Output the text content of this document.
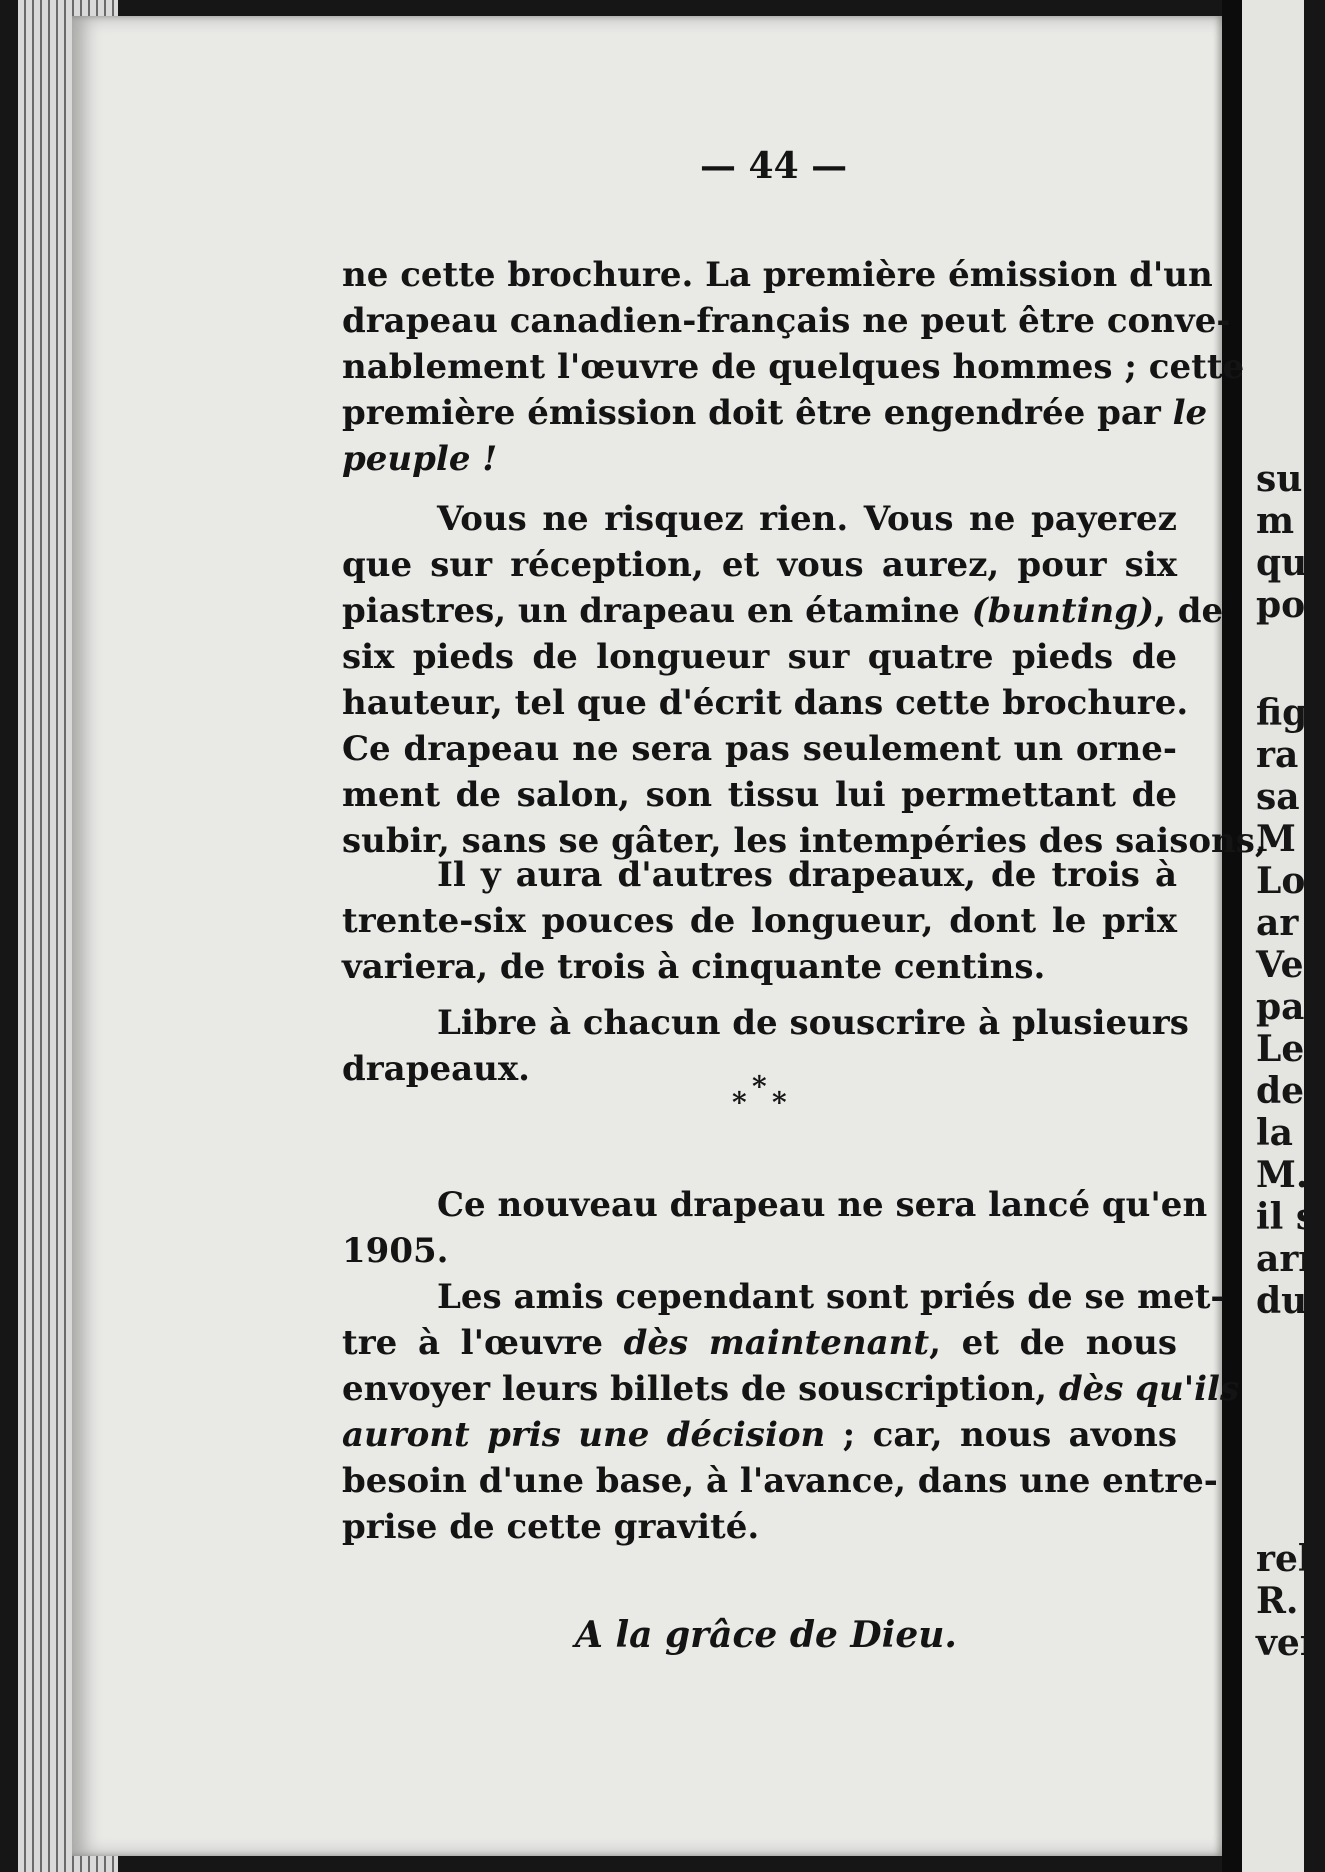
su
m
qu
po
fig
ra
sa
M
Lo
ar
Ve
pa
Le
de
la
M.
il s
arr
du
reli
R.
ver
— 44 —
ne cette brochure. La première émission d'un
drapeau canadien-français ne peut être conve-
nablement l'œuvre de quelques hommes ; cette
première émission doit être engendrée par le
peuple !
Vous ne risquez rien. Vous ne payerez
que sur réception, et vous aurez, pour six
piastres, un drapeau en étamine (bunting), de
six pieds de longueur sur quatre pieds de
hauteur, tel que d'écrit dans cette brochure.
Ce drapeau ne sera pas seulement un orne-
ment de salon, son tissu lui permettant de
subir, sans se gâter, les intempéries des saisons,
Il y aura d'autres drapeaux, de trois à
trente-six pouces de longueur, dont le prix
variera, de trois à cinquante centins.
Libre à chacun de souscrire à plusieurs
drapeaux.
Ce nouveau drapeau ne sera lancé qu'en
1905.
Les amis cependant sont priés de se met-
tre à l'œuvre dès maintenant, et de nous
envoyer leurs billets de souscription, dès qu'ils
auront pris une décision ; car, nous avons
besoin d'une base, à l'avance, dans une entre-
prise de cette gravité.
*
* *
A la grâce de Dieu.
